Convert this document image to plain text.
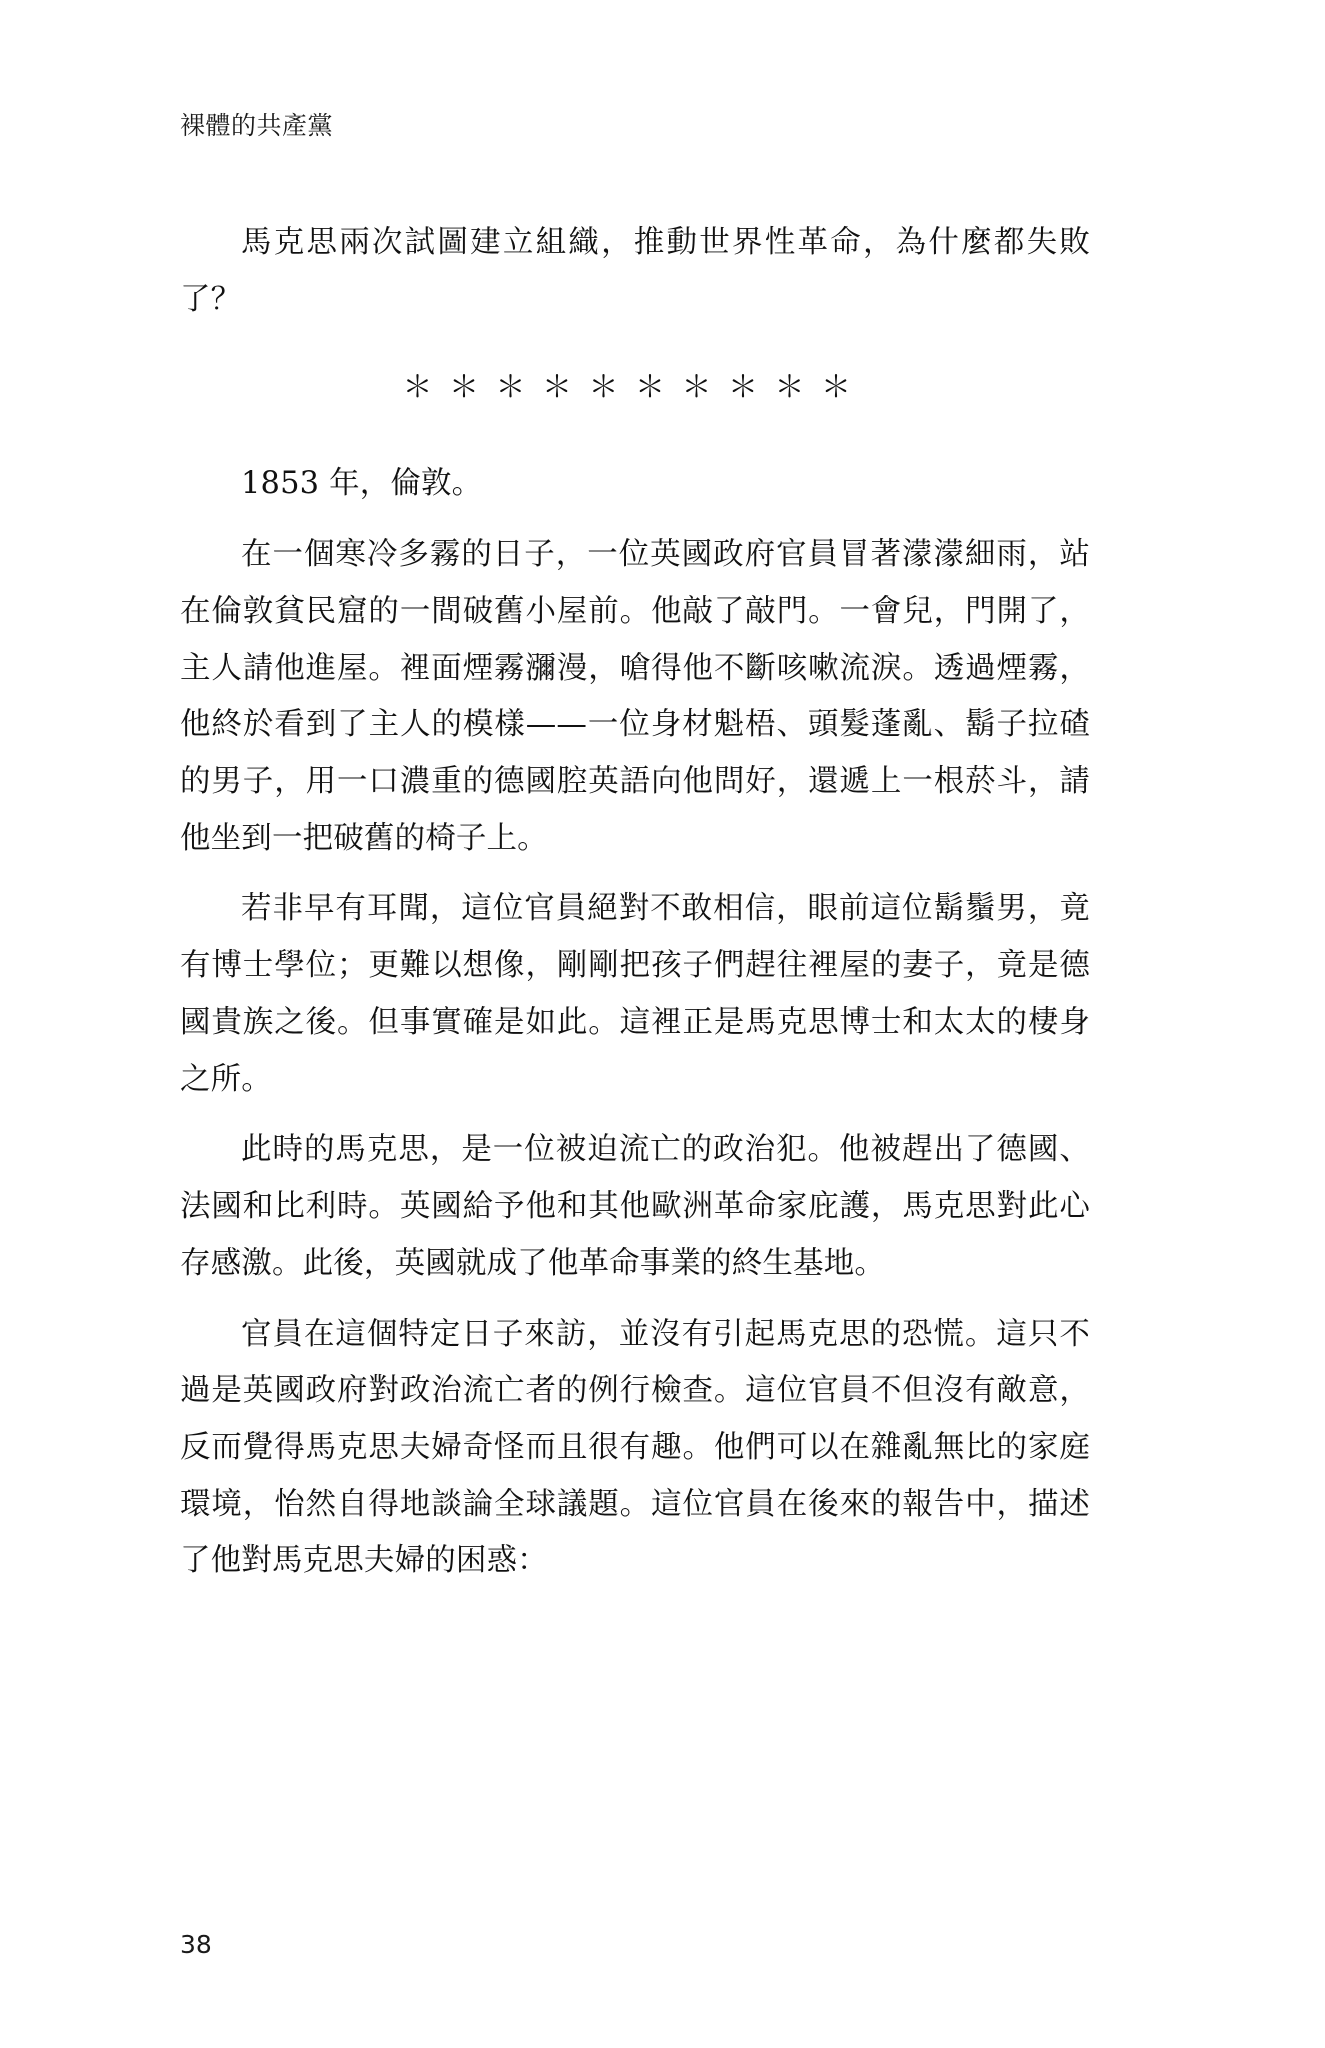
裸體的共產黨

馬克思兩次試圖建立組織，推動世界性革命，為什麼都失敗了？

＊＊＊＊＊＊＊＊＊＊

1853 年，倫敦。

在一個寒冷多霧的日子，一位英國政府官員冒著濛濛細雨，站在倫敦貧民窟的一間破舊小屋前。他敲了敲門。一會兒，門開了，主人請他進屋。裡面煙霧瀰漫，嗆得他不斷咳嗽流淚。透過煙霧，他終於看到了主人的模樣——一位身材魁梧、頭髮蓬亂、鬍子拉碴的男子，用一口濃重的德國腔英語向他問好，還遞上一根菸斗，請他坐到一把破舊的椅子上。

若非早有耳聞，這位官員絕對不敢相信，眼前這位鬍鬚男，竟有博士學位；更難以想像，剛剛把孩子們趕往裡屋的妻子，竟是德國貴族之後。但事實確是如此。這裡正是馬克思博士和太太的棲身之所。

此時的馬克思，是一位被迫流亡的政治犯。他被趕出了德國、法國和比利時。英國給予他和其他歐洲革命家庇護，馬克思對此心存感激。此後，英國就成了他革命事業的終生基地。

官員在這個特定日子來訪，並沒有引起馬克思的恐慌。這只不過是英國政府對政治流亡者的例行檢查。這位官員不但沒有敵意，反而覺得馬克思夫婦奇怪而且很有趣。他們可以在雜亂無比的家庭環境，怡然自得地談論全球議題。這位官員在後來的報告中，描述了他對馬克思夫婦的困惑：

38
